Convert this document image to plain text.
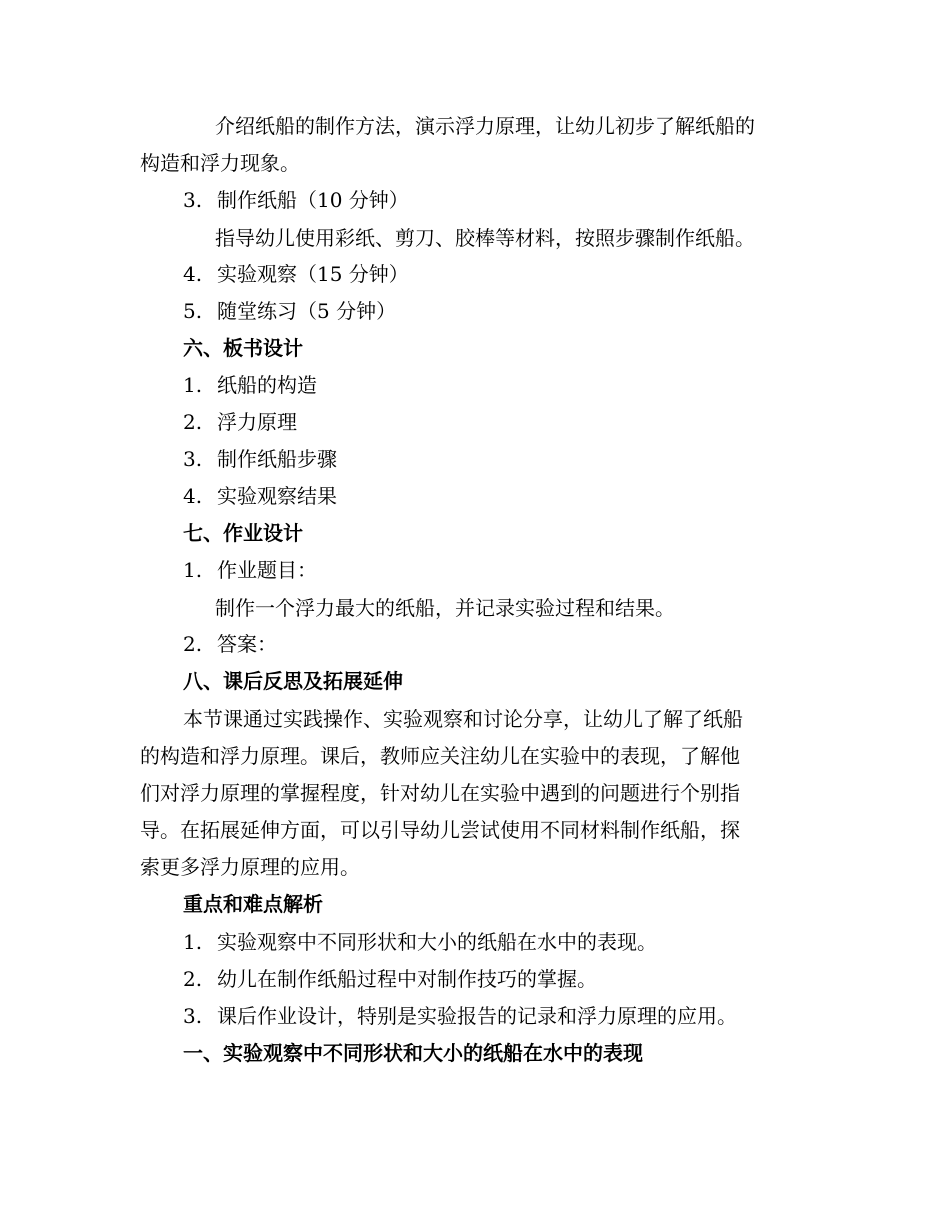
介绍纸船的制作方法，演示浮力原理，让幼儿初步了解纸船的
构造和浮力现象。
3. 制作纸船（10 分钟）
指导幼儿使用彩纸、剪刀、胶棒等材料，按照步骤制作纸船。
4. 实验观察（15 分钟）
5. 随堂练习（5 分钟）
六、板书设计
1. 纸船的构造
2. 浮力原理
3. 制作纸船步骤
4. 实验观察结果
七、作业设计
1. 作业题目：
制作一个浮力最大的纸船，并记录实验过程和结果。
2. 答案：
八、课后反思及拓展延伸
本节课通过实践操作、实验观察和讨论分享，让幼儿了解了纸船
的构造和浮力原理。课后，教师应关注幼儿在实验中的表现，了解他
们对浮力原理的掌握程度，针对幼儿在实验中遇到的问题进行个别指
导。在拓展延伸方面，可以引导幼儿尝试使用不同材料制作纸船，探
索更多浮力原理的应用。
重点和难点解析
1. 实验观察中不同形状和大小的纸船在水中的表现。
2. 幼儿在制作纸船过程中对制作技巧的掌握。
3. 课后作业设计，特别是实验报告的记录和浮力原理的应用。
一、实验观察中不同形状和大小的纸船在水中的表现
